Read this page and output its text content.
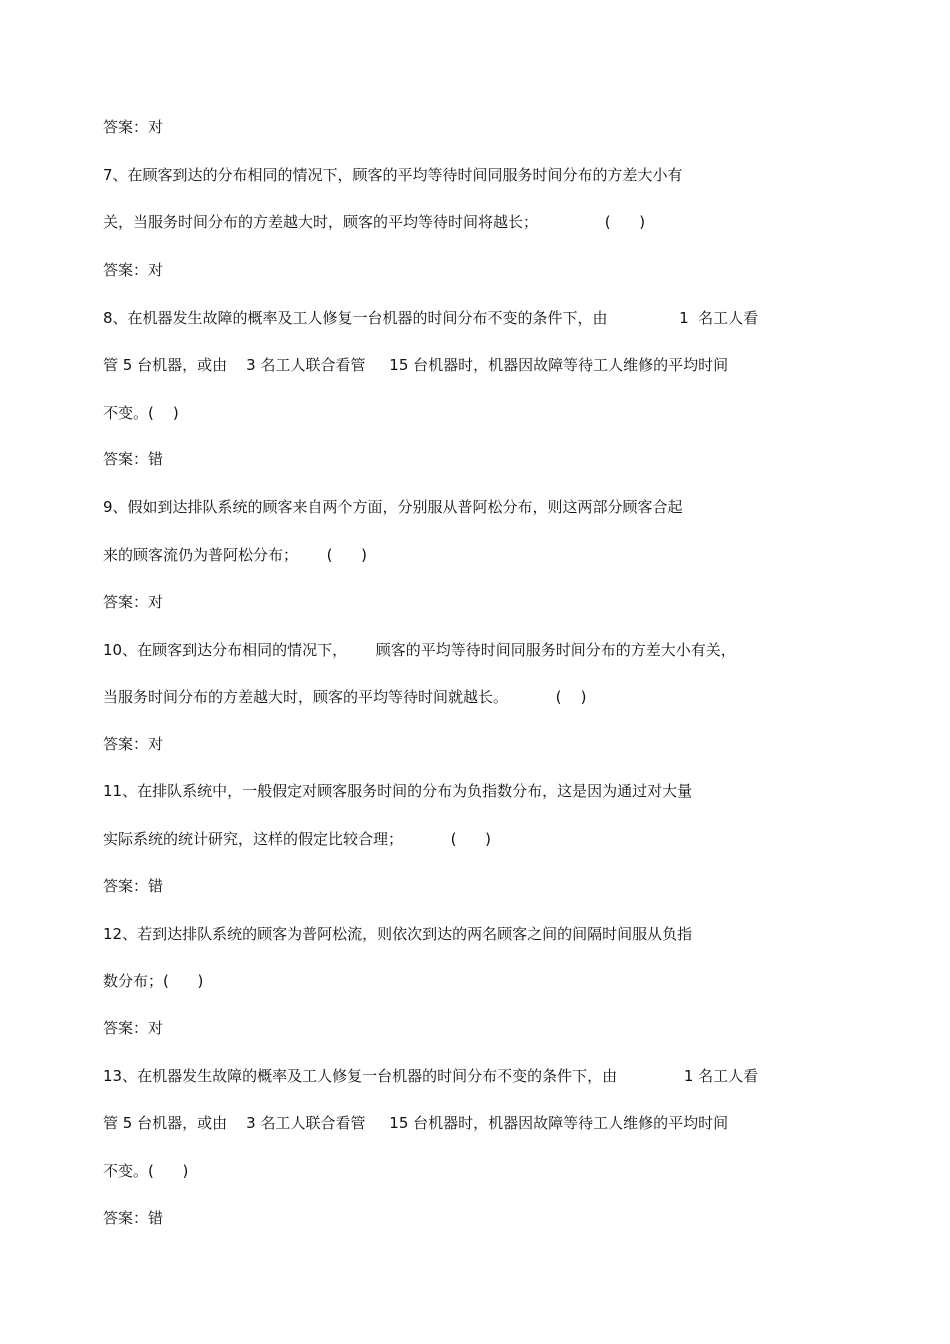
答案：对
7、在顾客到达的分布相同的情况下，顾客的平均等待时间同服务时间分布的方差大小有
关，当服务时间分布的方差越大时，顾客的平均等待时间将越长；              (      )
答案：对
8、在机器发生故障的概率及工人修复一台机器的时间分布不变的条件下，由               1  名工人看
管 5 台机器，或由    3 名工人联合看管     15 台机器时，机器因故障等待工人维修的平均时间
不变。(    )
答案：错
9、假如到达排队系统的顾客来自两个方面，分别服从普阿松分布，则这两部分顾客合起
来的顾客流仍为普阿松分布；      (      )
答案：对
10、在顾客到达分布相同的情况下，      顾客的平均等待时间同服务时间分布的方差大小有关，
当服务时间分布的方差越大时，顾客的平均等待时间就越长。          (    )
答案：对
11、在排队系统中，一般假定对顾客服务时间的分布为负指数分布，这是因为通过对大量
实际系统的统计研究，这样的假定比较合理；          (      )
答案：错
12、若到达排队系统的顾客为普阿松流，则依次到达的两名顾客之间的间隔时间服从负指
数分布；(      )
答案：对
13、在机器发生故障的概率及工人修复一台机器的时间分布不变的条件下，由              1 名工人看
管 5 台机器，或由    3 名工人联合看管     15 台机器时，机器因故障等待工人维修的平均时间
不变。(      )
答案：错
